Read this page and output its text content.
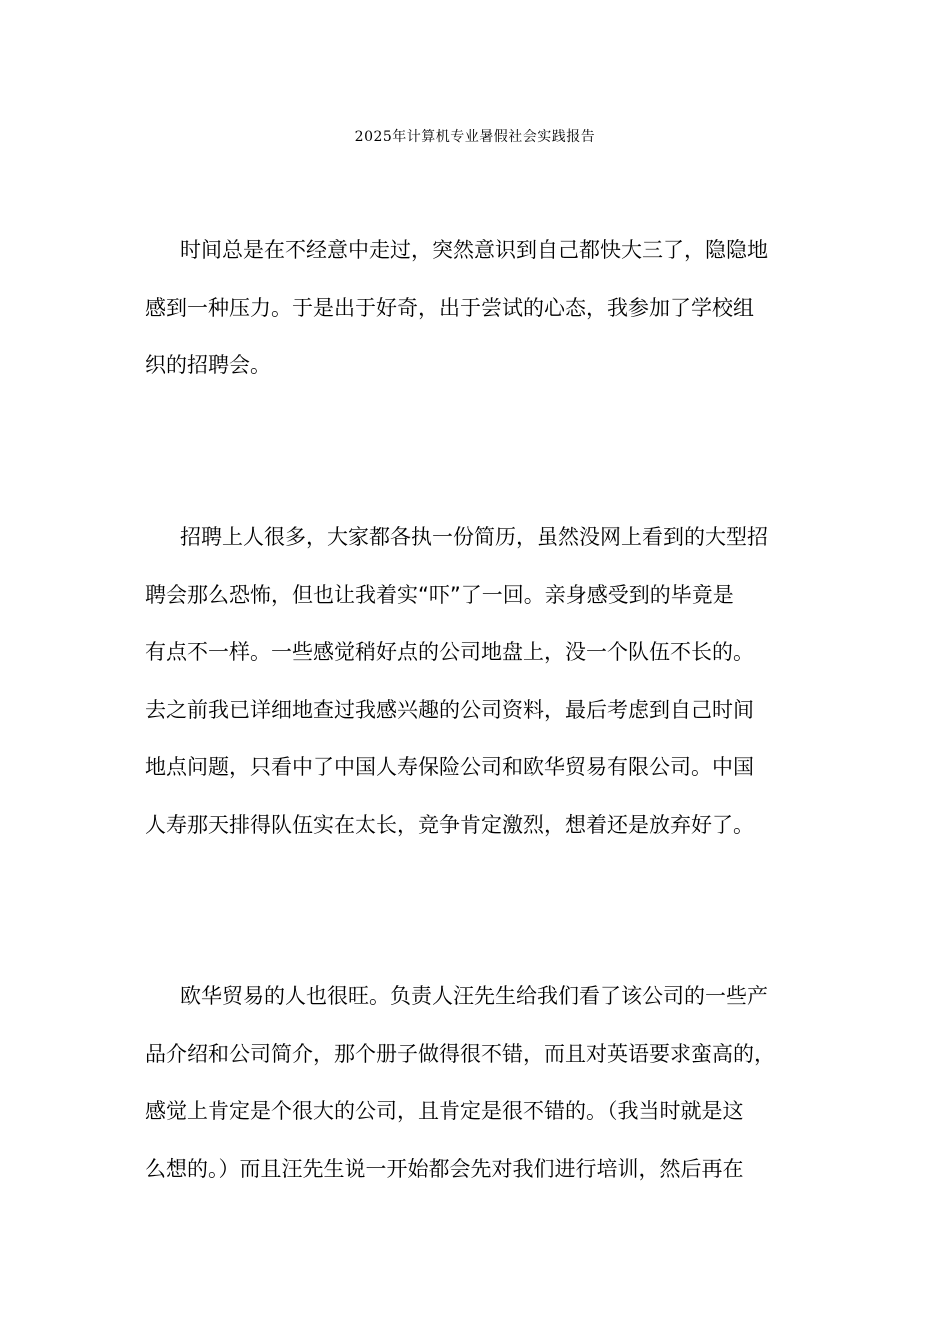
2025年计算机专业暑假社会实践报告

时间总是在不经意中走过，突然意识到自己都快大三了，隐隐地
感到一种压力。于是出于好奇，出于尝试的心态，我参加了学校组
织的招聘会。

招聘上人很多，大家都各执一份简历，虽然没网上看到的大型招
聘会那么恐怖，但也让我着实“吓”了一回。亲身感受到的毕竟是
有点不一样。一些感觉稍好点的公司地盘上，没一个队伍不长的。
去之前我已详细地查过我感兴趣的公司资料，最后考虑到自己时间
地点问题，只看中了中国人寿保险公司和欧华贸易有限公司。中国
人寿那天排得队伍实在太长，竞争肯定激烈，想着还是放弃好了。

欧华贸易的人也很旺。负责人汪先生给我们看了该公司的一些产
品介绍和公司简介，那个册子做得很不错，而且对英语要求蛮高的，
感觉上肯定是个很大的公司，且肯定是很不错的。（我当时就是这
么想的。）而且汪先生说一开始都会先对我们进行培训，然后再在
